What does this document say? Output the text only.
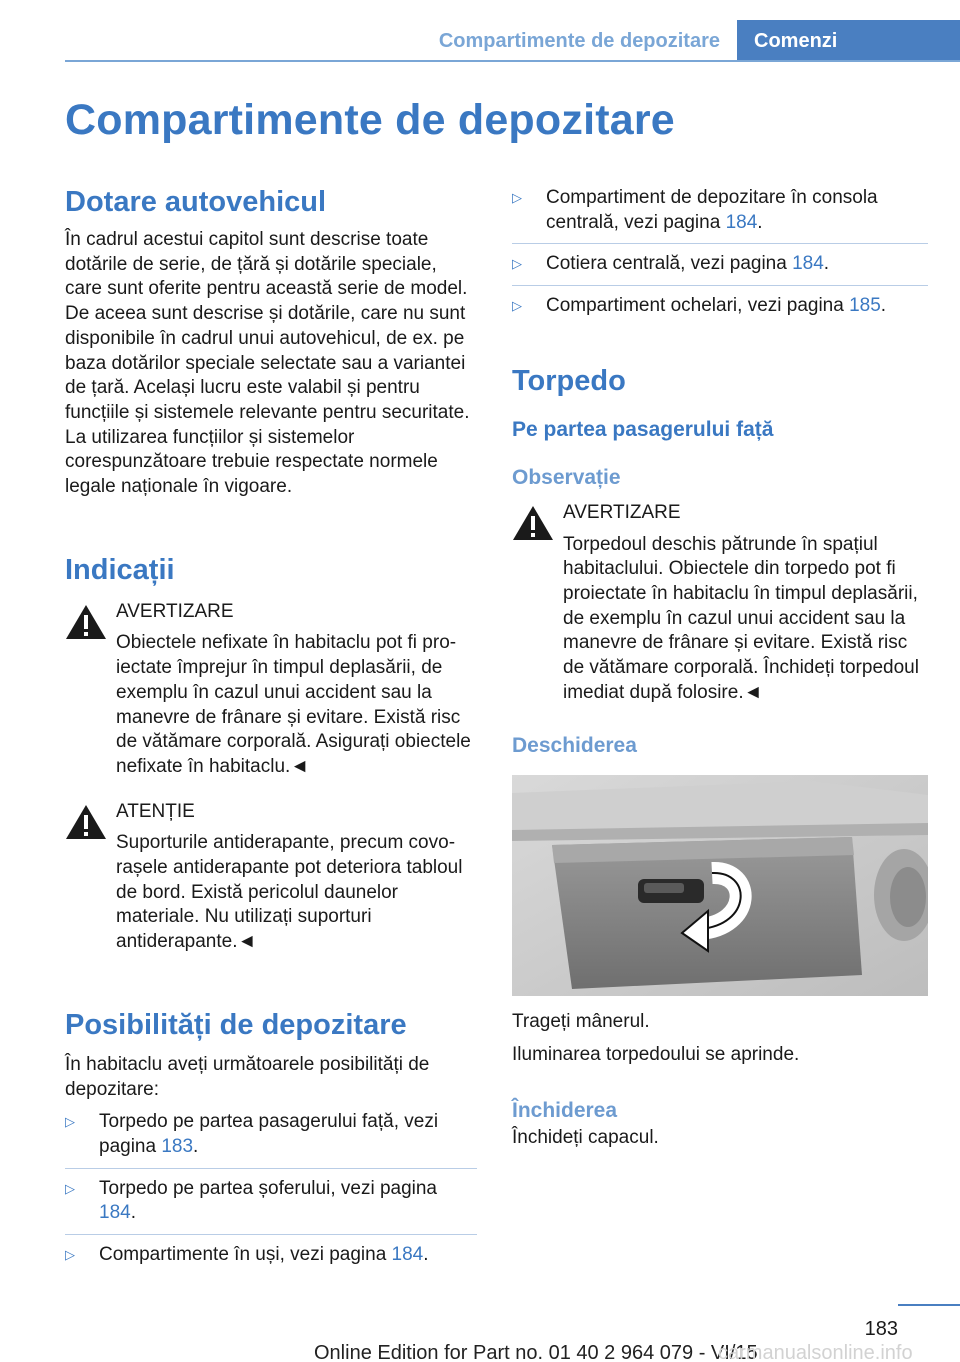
Compartimente de depozitare	Comenzi
Compartimente de depozitare
Dotare autovehicul

În cadrul acestui capitol sunt descrise toate dotările de serie, de țără și dotările speciale, care sunt oferite pentru această serie de model. De aceea sunt descrise și dotările, care nu sunt disponibile în cadrul unui autovehicul, de ex. pe baza dotărilor speciale selectate sau a variantei de țară. Același lucru este valabil și pentru funcțiile și sistemele relevante pentru securitate. La utilizarea funcțiilor și sistemelor corespunzătoare trebuie respectate normele legale naționale în vigoare.

Indicații
AVERTIZARE
Obiectele nefixate în habitaclu pot fi proiectate împrejur în timpul deplasării, de exemplu în cazul unui accident sau la manevre de frânare și evitare. Există risc de vătămare corporală. Asigurați obiectele nefixate în habitaclu.◄
ATENȚIE
Suporturile antiderapante, precum covorașele antiderapante pot deteriora tabloul de bord. Există pericolul daunelor materiale. Nu utilizați suporturi antiderapante.◄
Posibilități de depozitare

În habitaclu aveți următoarele posibilități de depozitare:

▷ Torpedo pe partea pasagerului față, vezi pagina 183.
▷ Torpedo pe partea șoferului, vezi pagina 184.
▷ Compartimente în uși, vezi pagina 184.
▷ Compartiment de depozitare în consola centrală, vezi pagina 184.
▷ Cotiera centrală, vezi pagina 184.
▷ Compartiment ochelari, vezi pagina 185.
Torpedo
Pe partea pasagerului față
Observație
AVERTIZARE
Torpedoul deschis pătrunde în spațiul habitaclului. Obiectele din torpedo pot fi proiectate în habitaclu în timpul deplasării, de exemplu în cazul unui accident sau la manevre de frânare și evitare. Există risc de vătămare corporală. Închideți torpedoul imediat după folosire.◄
Deschiderea

Trageți mânerul.

Iluminarea torpedoului se aprinde.

Închiderea

Închideți capacul.

183
Online Edition for Part no. 01 40 2 964 079 - VI/15
carmanualsonline.info
